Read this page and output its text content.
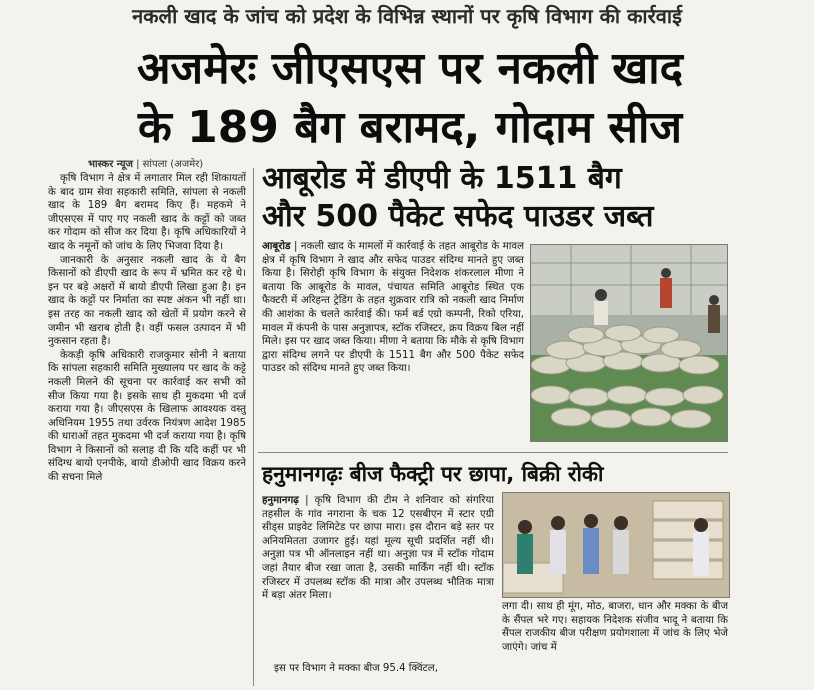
नकली खाद के जांच को प्रदेश के विभिन्न स्थानों पर कृषि विभाग की कार्रवाई
अजमेरः जीएसएस पर नकली खाद
के 189 बैग बरामद, गोदाम सीज
भास्कर न्यूज | सांपला (अजमेर)

कृषि विभाग ने क्षेत्र में लगातार मिल रही शिकायतों के बाद ग्राम सेवा सहकारी समिति, सांपला से नकली खाद के 189 बैग बरामद किए हैं। महकमे ने जीएसएस में पाए गए नकली खाद के कट्टों को जब्त कर गोदाम को सीज कर दिया है। कृषि अधिकारियों ने खाद के नमूनों को जांच के लिए भिजवा दिया है।

जानकारी के अनुसार नकली खाद के ये बैग किसानों को डीएपी खाद के रूप में भ्रमित कर रहे थे। इन पर बड़े अक्षरों में बायो डीएपी लिखा हुआ है। इन खाद के कट्टों पर निर्माता का स्पष्ट अंकन भी नहीं था। इस तरह का नकली खाद को खेतों में प्रयोग करने से जमीन भी खराब होती है। वहीं फसल उत्पादन में भी नुकसान रहता है।

केकड़ी कृषि अधिकारी राजकुमार सोनी ने बताया कि सांपला सहकारी समिति मुख्यालय पर खाद के कट्टे नकली मिलने की सूचना पर कार्रवाई कर सभी को सीज किया गया है। इसके साथ ही मुकदमा भी दर्ज कराया गया है। जीएसएस के खिलाफ आवश्यक वस्तु अधिनियम 1955 तथा उर्वरक नियंत्रण आदेश 1985 की धाराओं तहत मुकदमा भी दर्ज कराया गया है। कृषि विभाग ने किसानों को सलाह दी कि यदि कहीं पर भी संदिग्ध बायो एनपीके, बायो डीओपी खाद विक्रय करने की सचना मिले

आबूरोड में डीएपी के 1511 बैग
और 500 पैकेट सफेद पाउडर जब्त

आबूरोड | नकली खाद के मामलों में कार्रवाई के तहत आबूरोड के मावल क्षेत्र में कृषि विभाग ने खाद और सफेद पाउडर संदिग्ध मानते हुए जब्त किया है। सिरोही कृषि विभाग के संयुक्त निदेशक शंकरलाल मीणा ने बताया कि आबूरोड के मावल, पंचायत समिति आबूरोड स्थित एक फैक्टरी में अरिहन्त ट्रेडिंग के तहत शुक्रवार रात्रि को नकली खाद निर्माण की आशंका के चलते कार्रवाई की। फर्म बर्ड एग्रो कम्पनी, रिको एरिया, मावल में कंपनी के पास अनुज्ञापत्र, स्टॉक रजिस्टर, क्रय विक्रय बिल नहीं मिले। इस पर खाद जब्त किया। मीणा ने बताया कि मौके से कृषि विभाग द्वारा संदिग्ध लगने पर डीएपी के 1511 बैग और 500 पैकेट सफेद पाउडर को संदिग्ध मानते हुए जब्त किया।

हनुमानगढ़ः बीज फैक्ट्री पर छापा, बिक्री रोकी

हनुमानगढ़ | कृषि विभाग की टीम ने शनिवार को संगरिया तहसील के गांव नगराना के चक 12 एसबीएन में स्टार एग्री सीड्स प्राइवेट लिमिटेड पर छापा मारा। इस दौरान बड़े स्तर पर अनियमितता उजागर हुई। यहां मूल्य सूची प्रदर्शित नहीं थी। अनुज्ञा पत्र भी ऑनलाइन नहीं था। अनुज्ञा पत्र में स्टॉक गोदाम जहां तैयार बीज रखा जाता है, उसकी मार्किंग नहीं थी। स्टॉक रजिस्टर में उपलब्ध स्टॉक की मात्रा और उपलब्ध भौतिक मात्रा में बड़ा अंतर मिला।

इस पर विभाग ने मक्का बीज 95.4 क्विंटल,

लगा दी। साथ ही मूंग, मोठ, बाजरा, धान और मक्का के बीज के सैंपल भरे गए। सहायक निदेशक संजीव भादू ने बताया कि सैंपल राजकीय बीज परीक्षण प्रयोगशाला में जांच के लिए भेजे जाएंगे। जांच में
